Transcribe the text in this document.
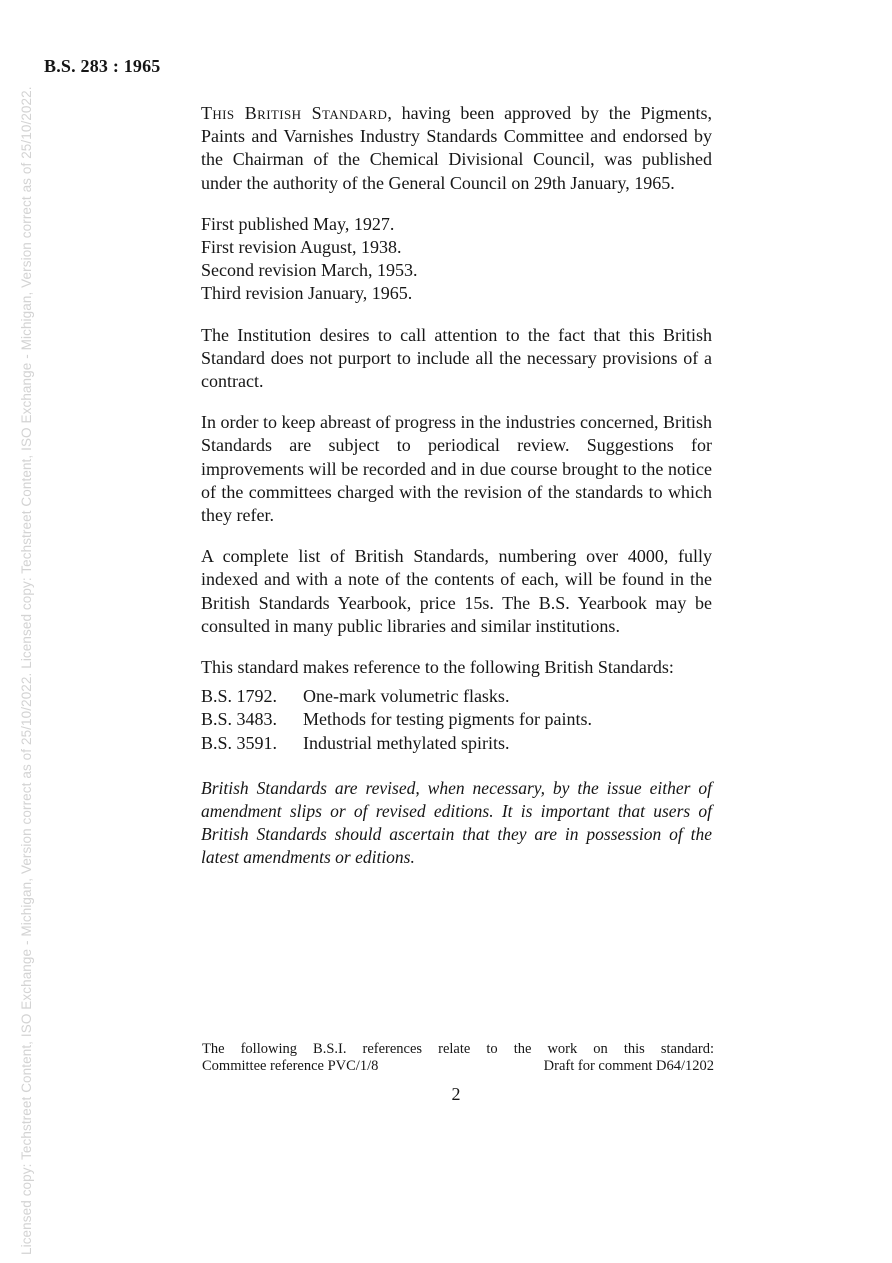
Licensed copy: Techstreet Content, ISO Exchange - Michigan, Version correct as of 25/10/2022. Licensed copy: Techstreet Content, ISO Exchange - Michigan, Version correct as of 25/10/2022.
B.S. 283 : 1965

This British Standard, having been approved by the Pigments, Paints and Varnishes Industry Standards Committee and endorsed by the Chairman of the Chemical Divisional Council, was published under the authority of the General Council on 29th January, 1965.

First published May, 1927.
First revision August, 1938.
Second revision March, 1953.
Third revision January, 1965.

The Institution desires to call attention to the fact that this British Standard does not purport to include all the necessary provisions of a contract.

In order to keep abreast of progress in the industries concerned, British Standards are subject to periodical review. Suggestions for improvements will be recorded and in due course brought to the notice of the committees charged with the revision of the standards to which they refer.

A complete list of British Standards, numbering over 4000, fully indexed and with a note of the contents of each, will be found in the British Standards Yearbook, price 15s. The B.S. Yearbook may be consulted in many public libraries and similar institutions.

This standard makes reference to the following British Standards:

B.S. 1792.	One-mark volumetric flasks.
B.S. 3483.	Methods for testing pigments for paints.
B.S. 3591.	Industrial methylated spirits.

British Standards are revised, when necessary, by the issue either of amendment slips or of revised editions. It is important that users of British Standards should ascertain that they are in possession of the latest amendments or editions.

The following B.S.I. references relate to the work on this standard:
Committee reference PVC/1/8	Draft for comment D64/1202
2
